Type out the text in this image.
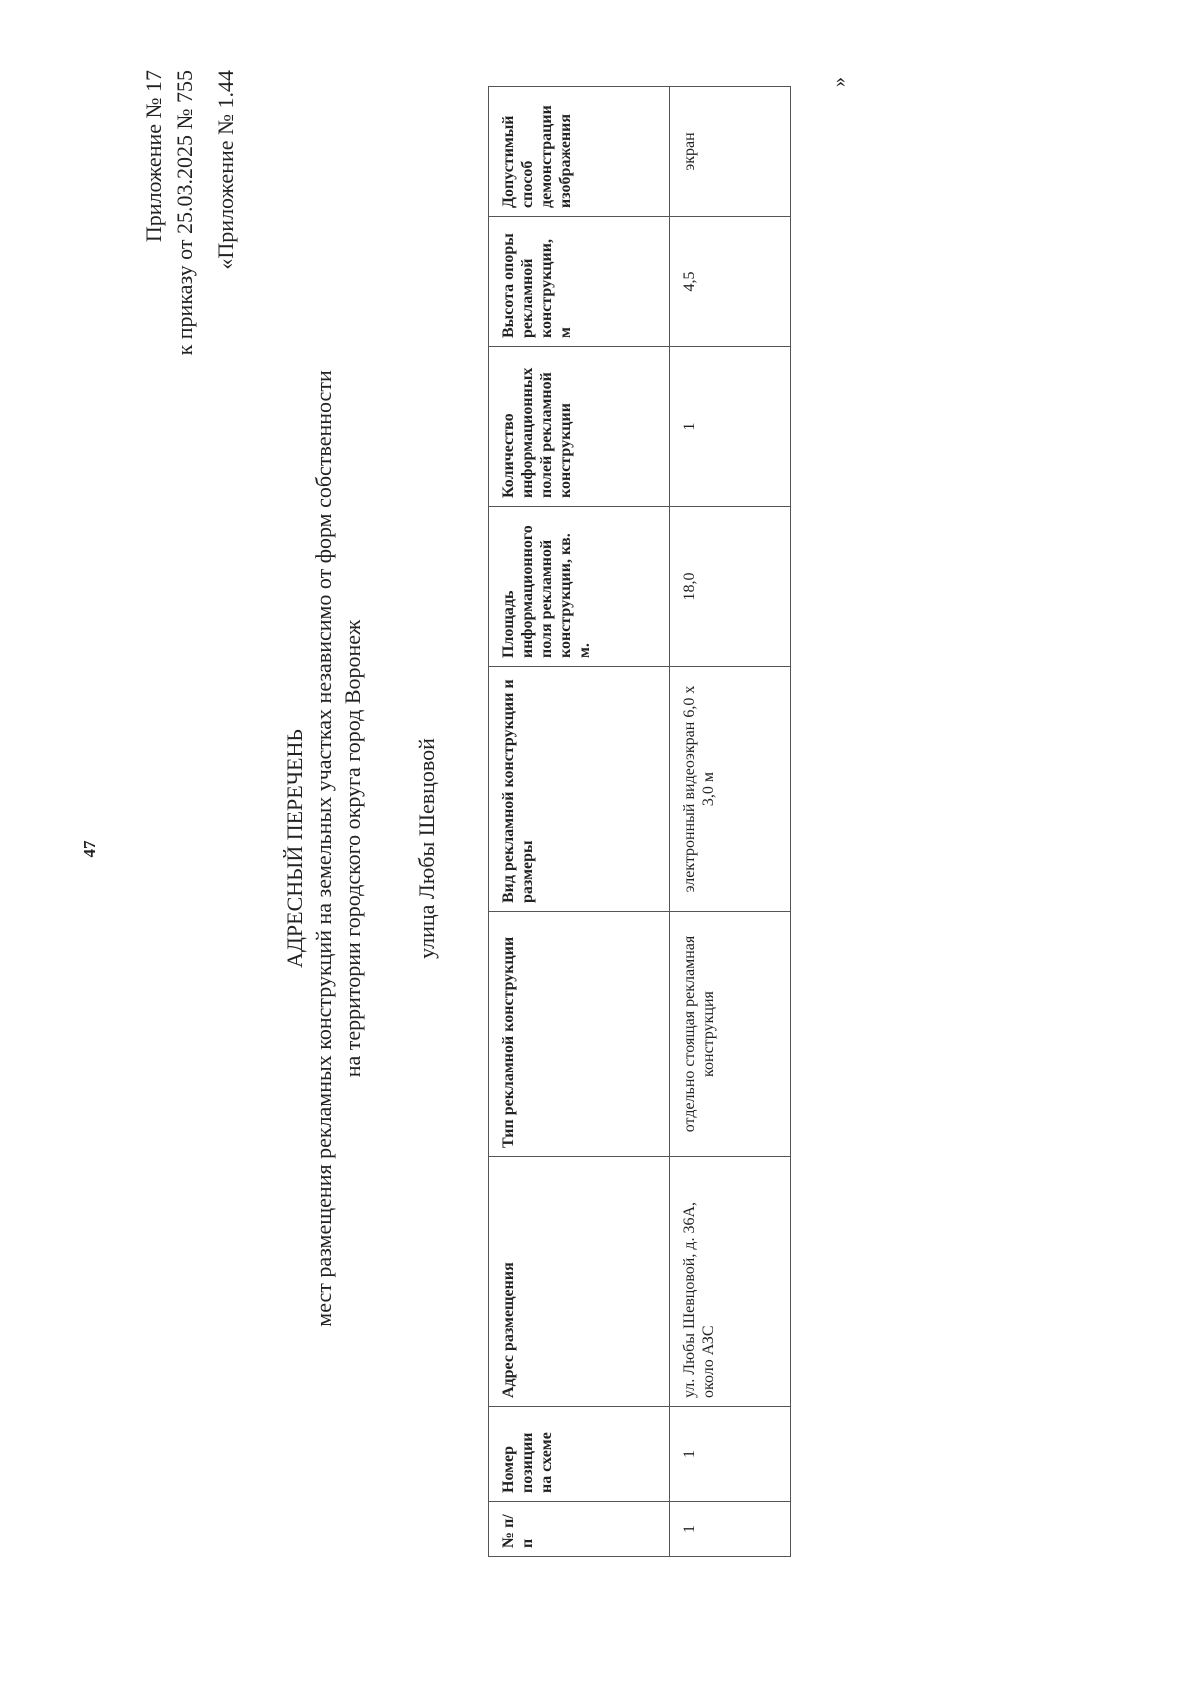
47
Приложение № 17 к приказу от 25.03.2025 № 755 «Приложение № 1.44
АДРЕСНЫЙ ПЕРЕЧЕНЬ мест размещения рекламных конструкций на земельных участках независимо от форм собственности на территории городского округа город Воронеж улица Любы Шевцовой
№ п/п	Номер позиции на схеме	Адрес размещения	Тип рекламной конструкции	Вид рекламной конструкции и размеры	Площадь информационного поля рекламной конструкции, кв. м.	Количество информационных полей рекламной конструкции	Высота опоры рекламной конструкции, м	Допустимый способ демонстрации изображения
1	1	ул. Любы Шевцовой, д. 36А, около АЗС	отдельно стоящая рекламная конструкция	электронный видеоэкран 6,0 х 3,0 м	18,0	1	4,5	экран
»
